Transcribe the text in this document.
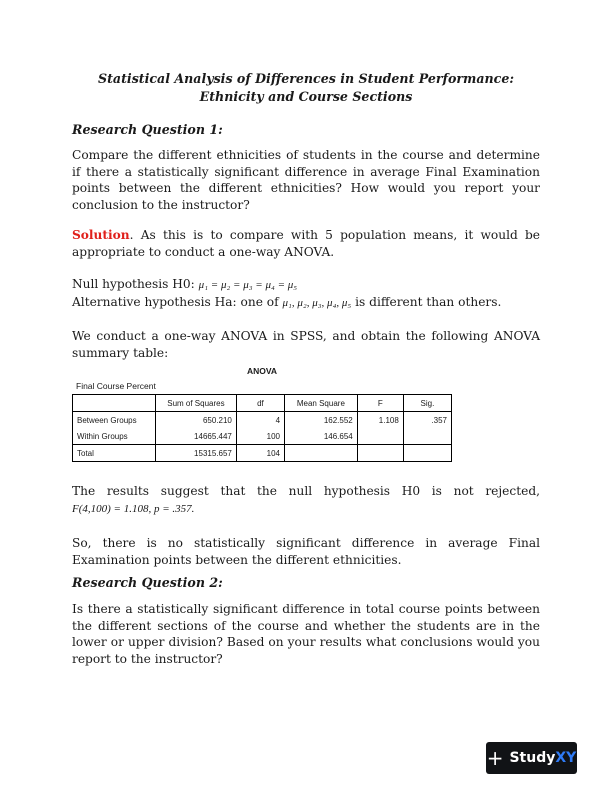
Statistical Analysis of Differences in Student Performance: Ethnicity and Course Sections
Research Question 1:
Compare the different ethnicities of students in the course and determine if there a statistically significant difference in average Final Examination points between the different ethnicities? How would you report your conclusion to the instructor?
Solution. As this is to compare with 5 population means, it would be appropriate to conduct a one-way ANOVA.
Null hypothesis H0: μ₁ = μ₂ = μ₃ = μ₄ = μ₅
Alternative hypothesis Ha: one of μ₁, μ₂, μ₃, μ₄, μ₅ is different than others.
We conduct a one-way ANOVA in SPSS, and obtain the following ANOVA summary table:
ANOVA
Final Course Percent
	Sum of Squares	df	Mean Square	F	Sig.
Between Groups	650.210	4	162.552	1.108	.357
Within Groups	14665.447	100	146.654		
Total	15315.657	104			
The results suggest that the null hypothesis H0 is not rejected,
F(4,100) = 1.108, p = .357.
So, there is no statistically significant difference in average Final Examination points between the different ethnicities.
Research Question 2:
Is there a statistically significant difference in total course points between the different sections of the course and whether the students are in the lower or upper division? Based on your results what conclusions would you report to the instructor?
+ Study XY
